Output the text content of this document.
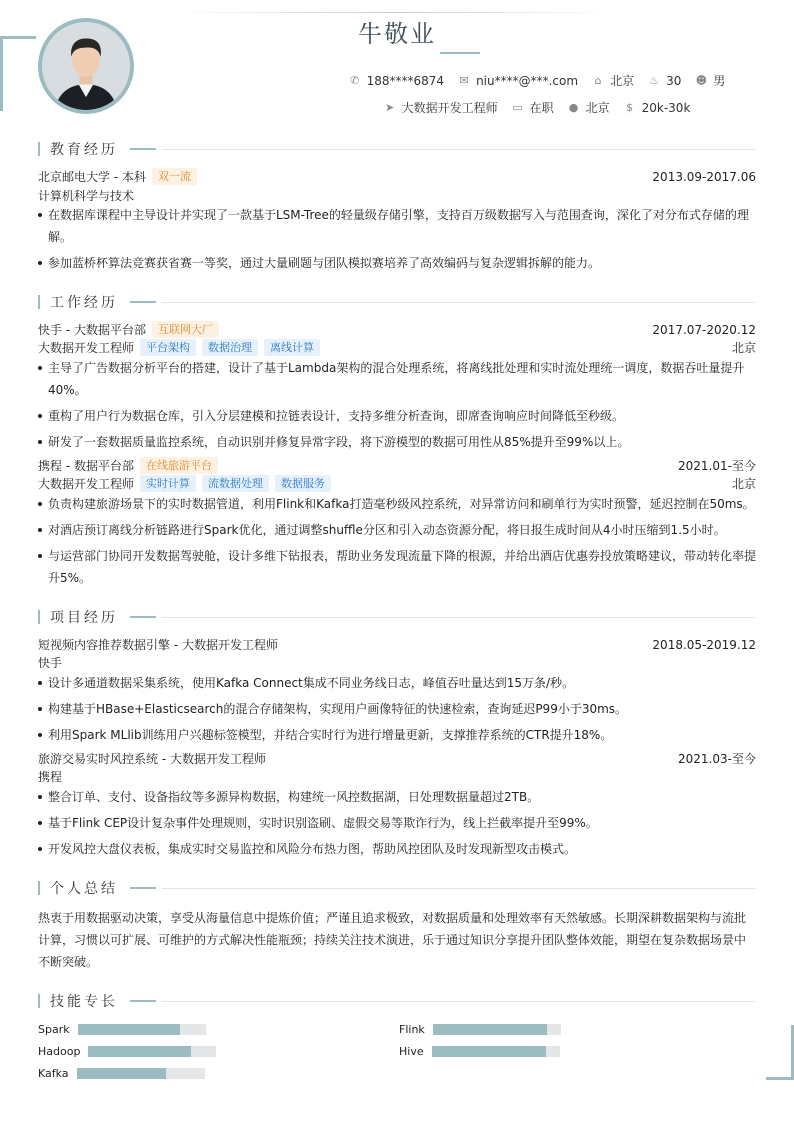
牛敬业
✆ 188****6874 ✉ niu****@***.com ⌂ 北京 ♨ 30 ☻ 男
➤ 大数据开发工程师 ▭ 在职 ● 北京 $ 20k-30k
教育经历
北京邮电大学 - 本科	双一流	2013.09-2017.06
计算机科学与技术
在数据库课程中主导设计并实现了一款基于LSM-Tree的轻量级存储引擎，支持百万级数据写入与范围查询，深化了对分布式存储的理解。
参加蓝桥杯算法竞赛获省赛一等奖，通过大量刷题与团队模拟赛培养了高效编码与复杂逻辑拆解的能力。
工作经历
快手 - 大数据平台部	互联网大厂	2017.07-2020.12
大数据开发工程师	平台架构	数据治理	离线计算	北京
主导了广告数据分析平台的搭建，设计了基于Lambda架构的混合处理系统，将离线批处理和实时流处理统一调度，数据吞吐量提升40%。
重构了用户行为数据仓库，引入分层建模和拉链表设计，支持多维分析查询，即席查询响应时间降低至秒级。
研发了一套数据质量监控系统，自动识别并修复异常字段，将下游模型的数据可用性从85%提升至99%以上。
携程 - 数据平台部	在线旅游平台	2021.01-至今
大数据开发工程师	实时计算	流数据处理	数据服务	北京
负责构建旅游场景下的实时数据管道，利用Flink和Kafka打造毫秒级风控系统，对异常访问和刷单行为实时预警，延迟控制在50ms。
对酒店预订离线分析链路进行Spark优化，通过调整shuffle分区和引入动态资源分配，将日报生成时间从4小时压缩到1.5小时。
与运营部门协同开发数据驾驶舱，设计多维下钻报表，帮助业务发现流量下降的根源，并给出酒店优惠券投放策略建议，带动转化率提升5%。
项目经历
短视频内容推荐数据引擎 - 大数据开发工程师	2018.05-2019.12
快手
设计多通道数据采集系统，使用Kafka Connect集成不同业务线日志，峰值吞吐量达到15万条/秒。
构建基于HBase+Elasticsearch的混合存储架构，实现用户画像特征的快速检索，查询延迟P99小于30ms。
利用Spark MLlib训练用户兴趣标签模型，并结合实时行为进行增量更新，支撑推荐系统的CTR提升18%。
旅游交易实时风控系统 - 大数据开发工程师	2021.03-至今
携程
整合订单、支付、设备指纹等多源异构数据，构建统一风控数据湖，日处理数据量超过2TB。
基于Flink CEP设计复杂事件处理规则，实时识别盗刷、虚假交易等欺诈行为，线上拦截率提升至99%。
开发风控大盘仪表板，集成实时交易监控和风险分布热力图，帮助风控团队及时发现新型攻击模式。
个人总结
热衷于用数据驱动决策，享受从海量信息中提炼价值；严谨且追求极致，对数据质量和处理效率有天然敏感。长期深耕数据架构与流批计算，习惯以可扩展、可维护的方式解决性能瓶颈；持续关注技术演进，乐于通过知识分享提升团队整体效能，期望在复杂数据场景中不断突破。
技能专长
Spark	Flink
Hadoop	Hive
Kafka
